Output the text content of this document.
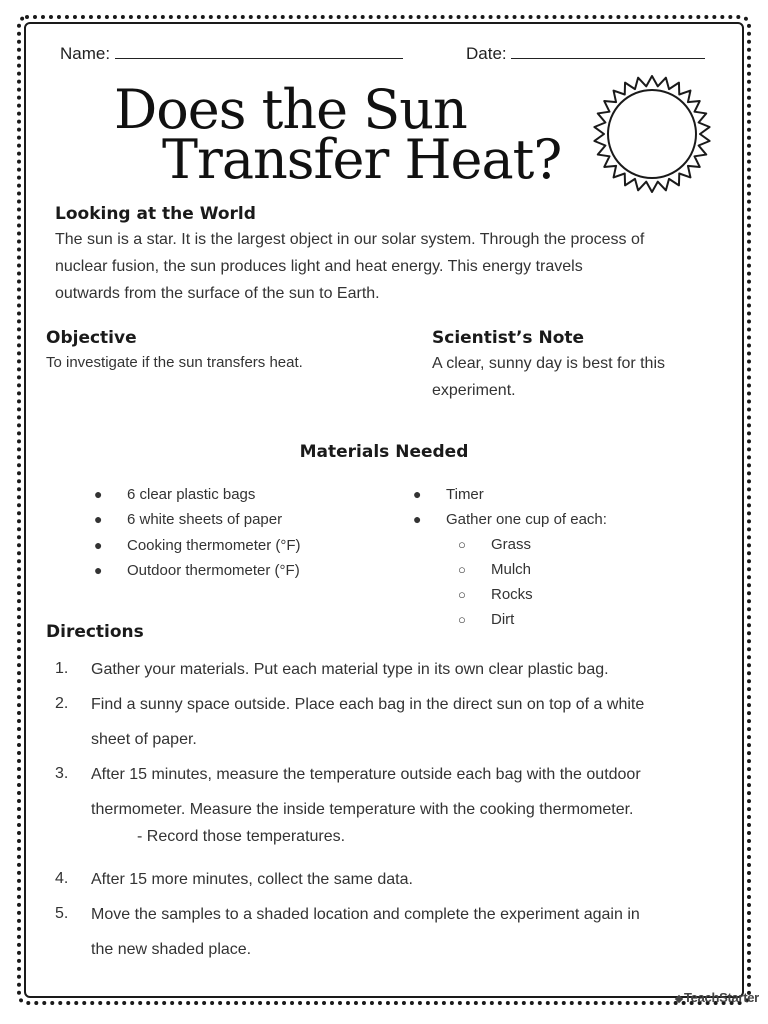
Name:	Date:
Does the Sun
Transfer Heat?
Looking at the World
The sun is a star. It is the largest object in our solar system. Through the process of
nuclear fusion, the sun produces light and heat energy. This energy travels
outwards from the surface of the sun to Earth.
Objective
To investigate if the sun transfers heat.
Scientist’s Note
A clear, sunny day is best for this
experiment.
Materials Needed
● 6 clear plastic bags
● 6 white sheets of paper
● Cooking thermometer (°F)
● Outdoor thermometer (°F)
● Timer
● Gather one cup of each:
○ Grass
○ Mulch
○ Rocks
○ Dirt
Directions
1. Gather your materials. Put each material type in its own clear plastic bag.
2. Find a sunny space outside. Place each bag in the direct sun on top of a white
sheet of paper.
3. After 15 minutes, measure the temperature outside each bag with the outdoor
thermometer. Measure the inside temperature with the cooking thermometer.
- Record those temperatures.
4. After 15 more minutes, collect the same data.
5. Move the samples to a shaded location and complete the experiment again in
the new shaded place.
TeachStarter
